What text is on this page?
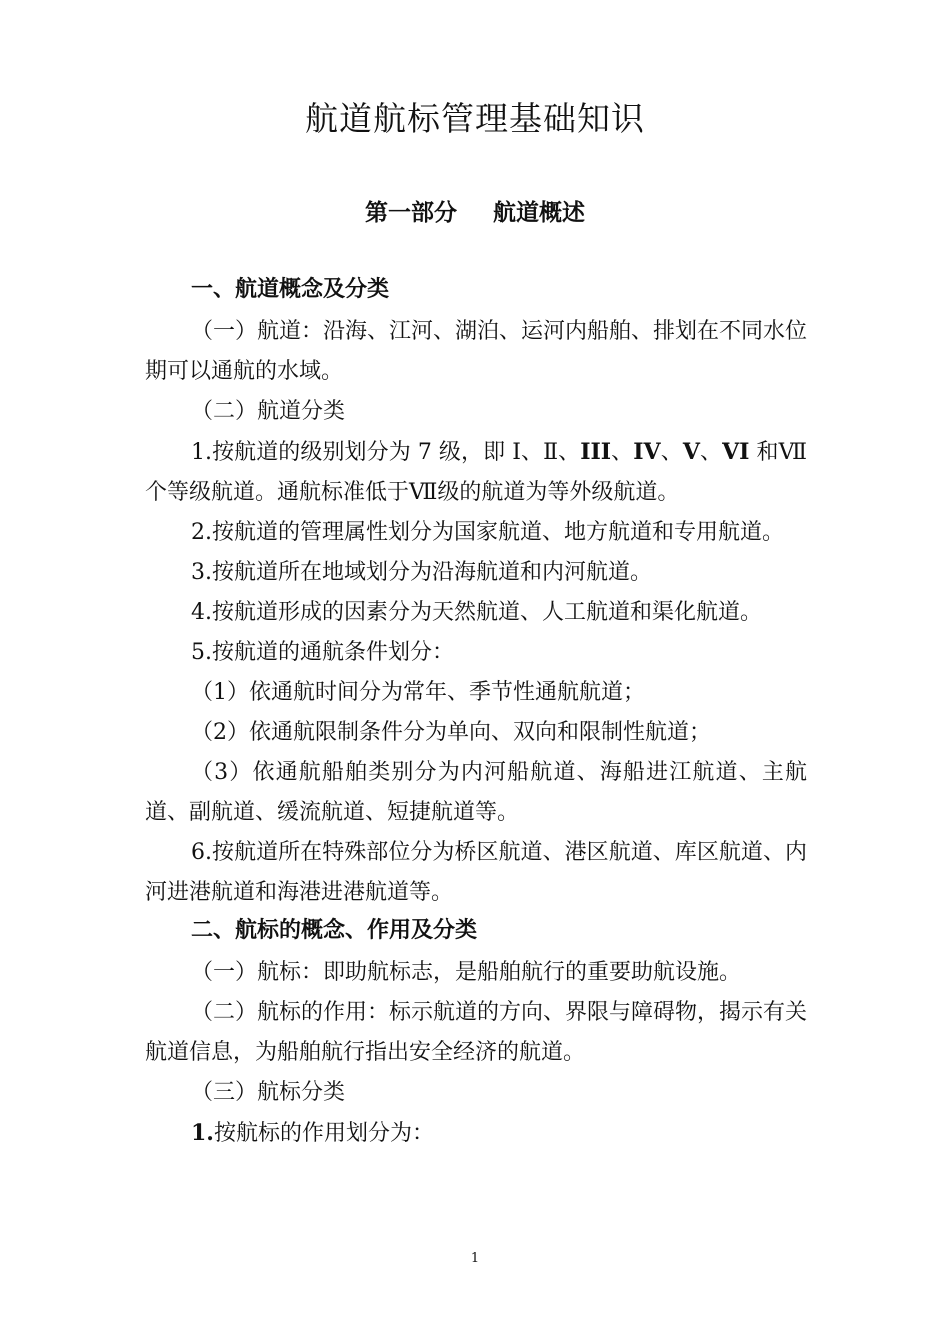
航道航标管理基础知识
第一部分 航道概述
一、航道概念及分类

（一）航道：沿海、江河、湖泊、运河内船舶、排划在不同水位期可以通航的水域。

（二）航道分类

1.按航道的级别划分为 7 级，即 Ⅰ、Ⅱ、III、IV、V、VI 和Ⅶ个等级航道。通航标准低于Ⅶ级的航道为等外级航道。

2.按航道的管理属性划分为国家航道、地方航道和专用航道。

3.按航道所在地域划分为沿海航道和内河航道。

4.按航道形成的因素分为天然航道、人工航道和渠化航道。

5.按航道的通航条件划分：

（1）依通航时间分为常年、季节性通航航道；

（2）依通航限制条件分为单向、双向和限制性航道；

（3）依通航船舶类别分为内河船航道、海船进江航道、主航道、副航道、缓流航道、短捷航道等。

6.按航道所在特殊部位分为桥区航道、港区航道、库区航道、内河进港航道和海港进港航道等。

二、航标的概念、作用及分类

（一）航标：即助航标志，是船舶航行的重要助航设施。

（二）航标的作用：标示航道的方向、界限与障碍物，揭示有关航道信息，为船舶航行指出安全经济的航道。

（三）航标分类

1.按航标的作用划分为：

1
